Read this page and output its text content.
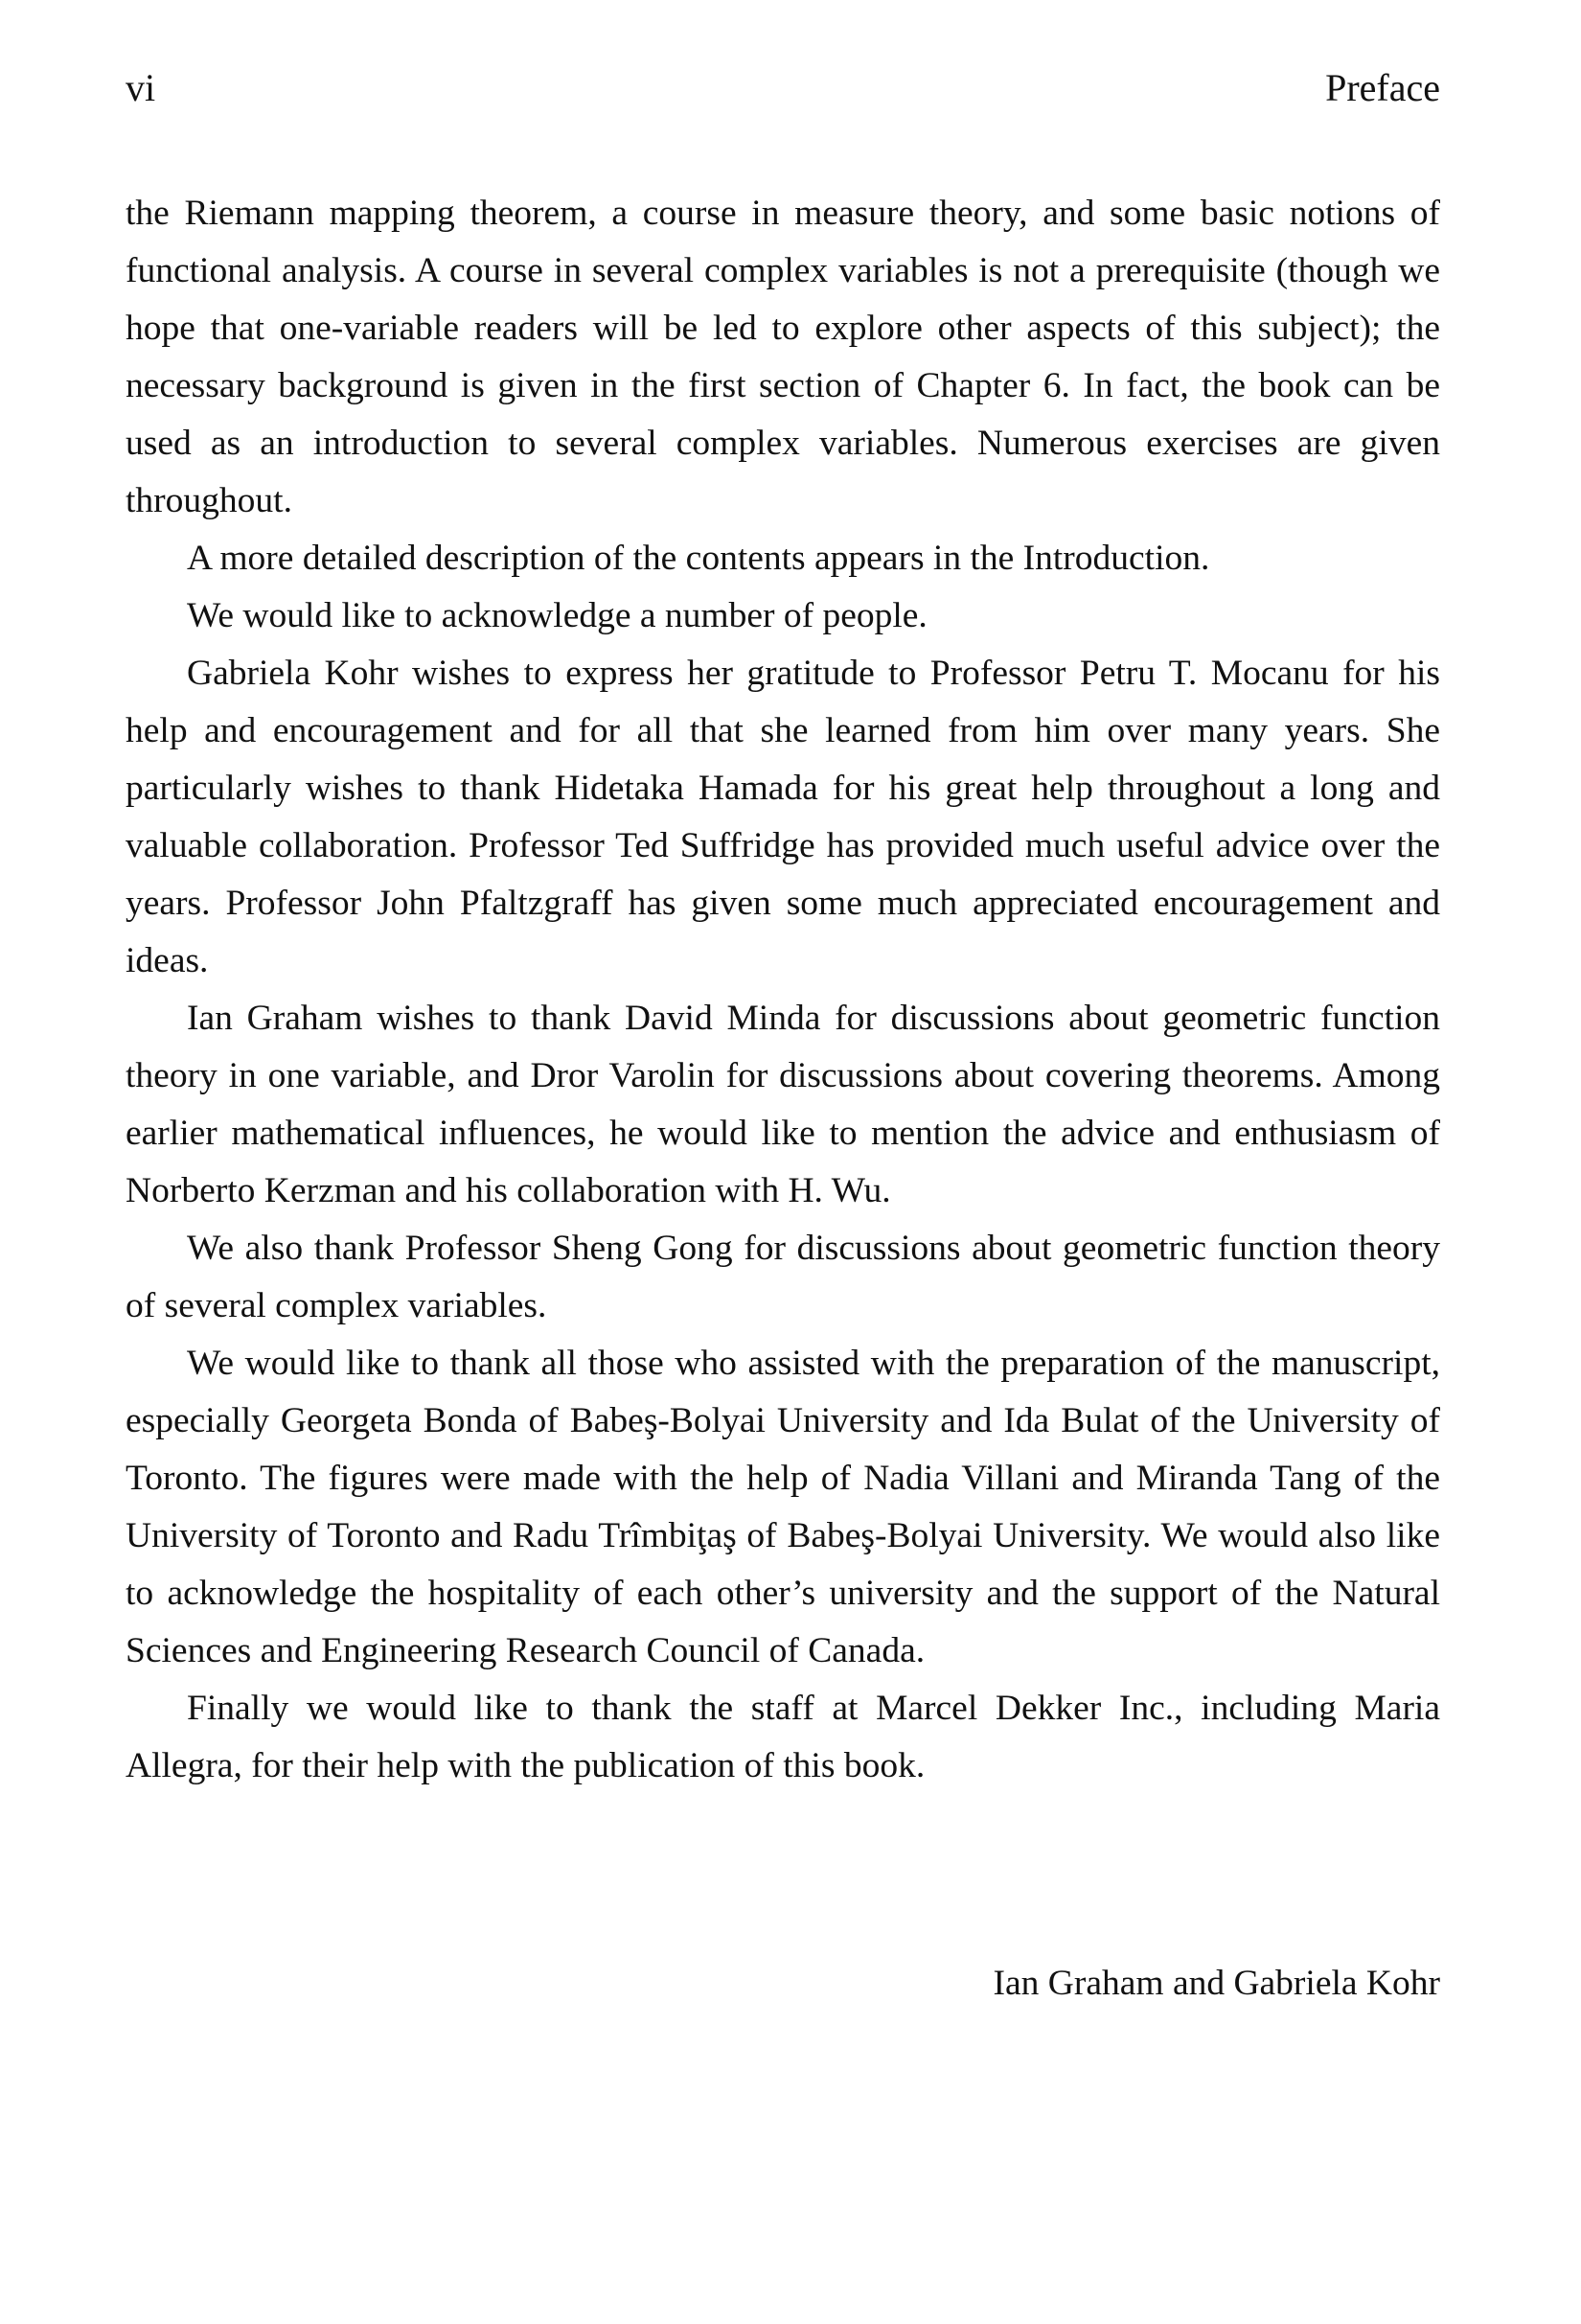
vi	Preface

the Riemann mapping theorem, a course in measure theory, and some basic notions of functional analysis. A course in several complex variables is not a prerequisite (though we hope that one-variable readers will be led to explore other aspects of this subject); the necessary background is given in the first section of Chapter 6. In fact, the book can be used as an introduction to several complex variables. Numerous exercises are given throughout.

A more detailed description of the contents appears in the Introduction.

We would like to acknowledge a number of people.

Gabriela Kohr wishes to express her gratitude to Professor Petru T. Mocanu for his help and encouragement and for all that she learned from him over many years. She particularly wishes to thank Hidetaka Hamada for his great help throughout a long and valuable collaboration. Professor Ted Suffridge has provided much useful advice over the years. Professor John Pfaltzgraff has given some much appreciated encouragement and ideas.

Ian Graham wishes to thank David Minda for discussions about geometric function theory in one variable, and Dror Varolin for discussions about covering theorems. Among earlier mathematical influences, he would like to mention the advice and enthusiasm of Norberto Kerzman and his collaboration with H. Wu.

We also thank Professor Sheng Gong for discussions about geometric function theory of several complex variables.

We would like to thank all those who assisted with the preparation of the manuscript, especially Georgeta Bonda of Babeş-Bolyai University and Ida Bulat of the University of Toronto. The figures were made with the help of Nadia Villani and Miranda Tang of the University of Toronto and Radu Trîmbiţaş of Babeş-Bolyai University. We would also like to acknowledge the hospitality of each other’s university and the support of the Natural Sciences and Engineering Research Council of Canada.

Finally we would like to thank the staff at Marcel Dekker Inc., including Maria Allegra, for their help with the publication of this book.

Ian Graham and Gabriela Kohr
